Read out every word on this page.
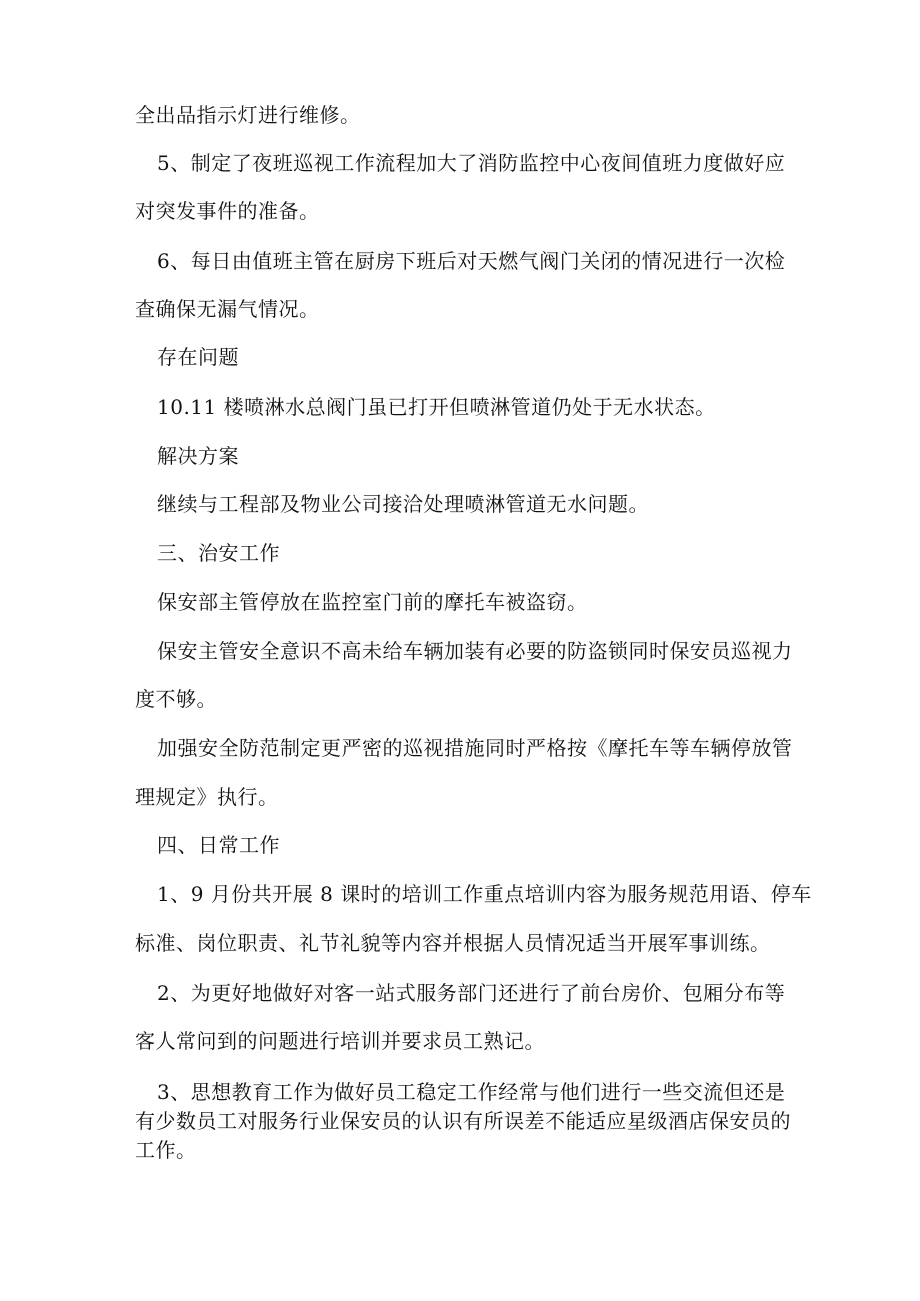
全出品指示灯进行维修。

5、制定了夜班巡视工作流程加大了消防监控中心夜间值班力度做好应

对突发事件的准备。

6、每日由值班主管在厨房下班后对天燃气阀门关闭的情况进行一次检

查确保无漏气情况。

存在问题

10.11 楼喷淋水总阀门虽已打开但喷淋管道仍处于无水状态。

解决方案

继续与工程部及物业公司接洽处理喷淋管道无水问题。

三、治安工作

保安部主管停放在监控室门前的摩托车被盗窃。

保安主管安全意识不高未给车辆加装有必要的防盗锁同时保安员巡视力

度不够。

加强安全防范制定更严密的巡视措施同时严格按《摩托车等车辆停放管

理规定》执行。

四、日常工作

1、9 月份共开展 8 课时的培训工作重点培训内容为服务规范用语、停车

标准、岗位职责、礼节礼貌等内容并根据人员情况适当开展军事训练。

2、为更好地做好对客一站式服务部门还进行了前台房价、包厢分布等

客人常问到的问题进行培训并要求员工熟记。

3、思想教育工作为做好员工稳定工作经常与他们进行一些交流但还是

有少数员工对服务行业保安员的认识有所误差不能适应星级酒店保安员的

工作。
